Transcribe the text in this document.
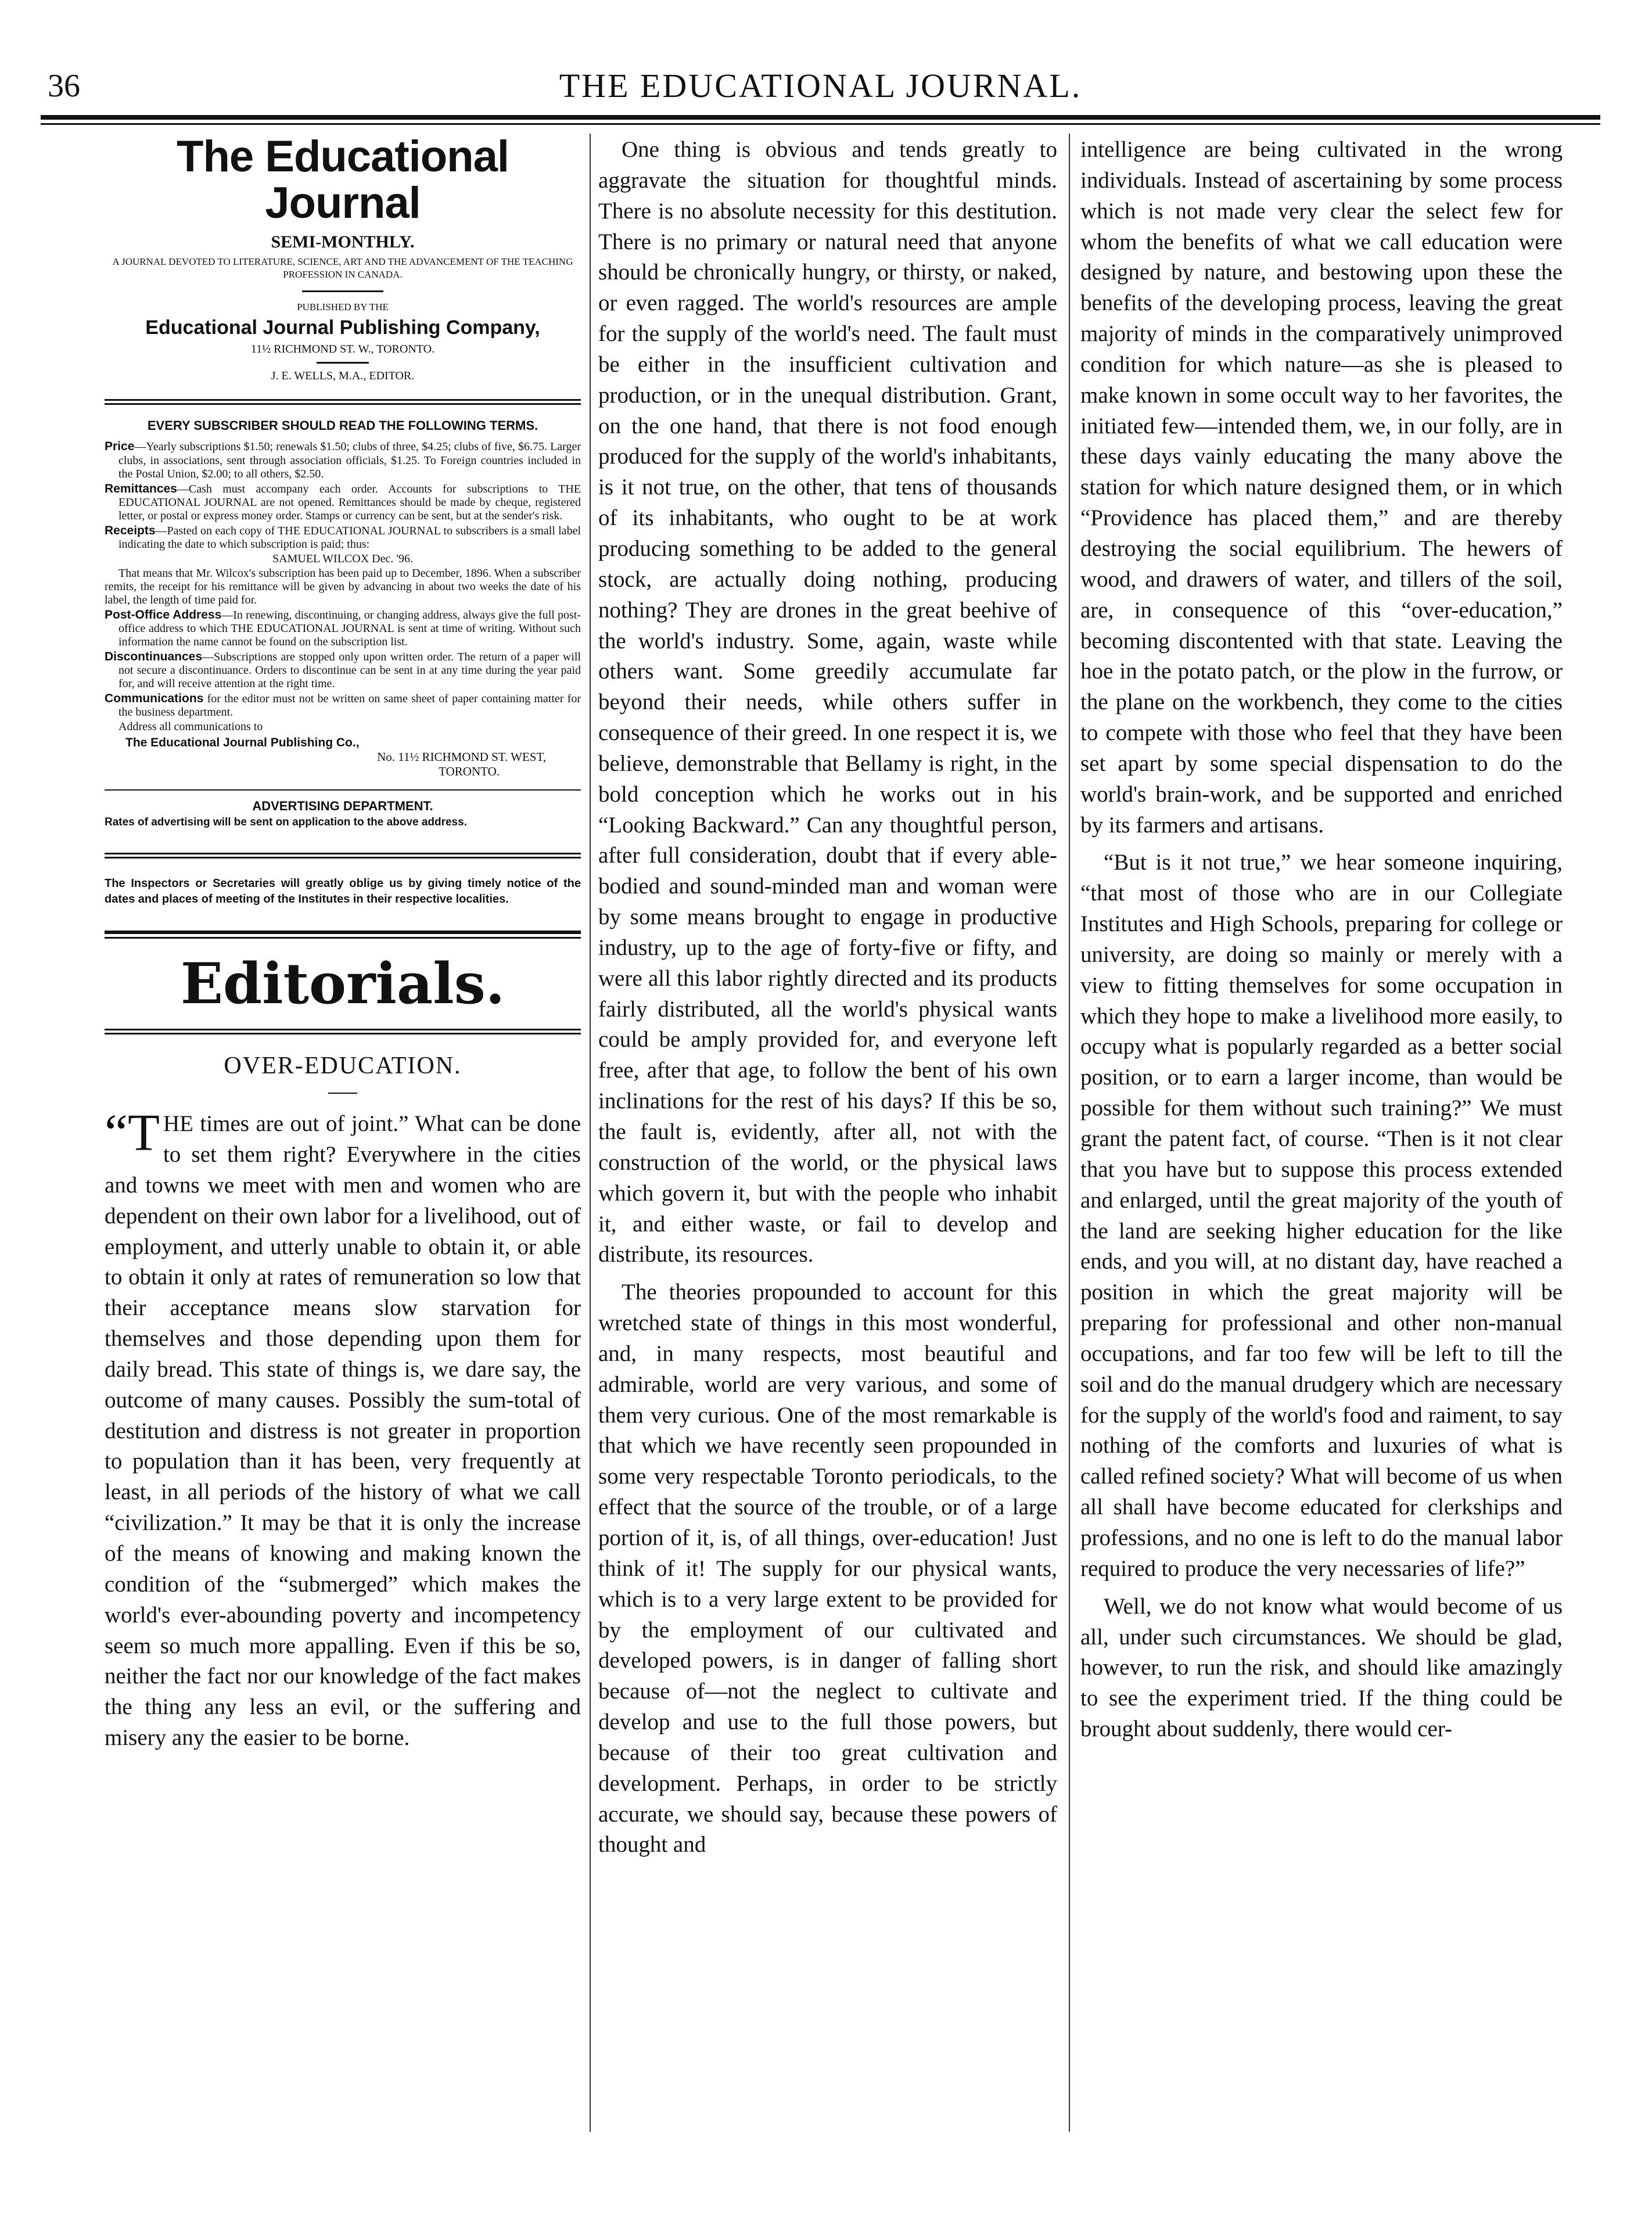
36	THE EDUCATIONAL JOURNAL.
The Educational Journal
SEMI-MONTHLY.
A JOURNAL DEVOTED TO LITERATURE, SCIENCE, ART AND THE ADVANCEMENT OF THE TEACHING PROFESSION IN CANADA.
PUBLISHED BY THE
Educational Journal Publishing Company,
11½ RICHMOND ST. W., TORONTO.
J. E. WELLS, M.A., EDITOR.
EVERY SUBSCRIBER SHOULD READ THE FOLLOWING TERMS.

Price—Yearly subscriptions $1.50; renewals $1.50; clubs of three, $4.25; clubs of five, $6.75. Larger clubs, in associations, sent through association officials, $1.25. To Foreign countries included in the Postal Union, $2.00; to all others, $2.50.

Remittances—Cash must accompany each order. Accounts for subscriptions to THE EDUCATIONAL JOURNAL are not opened. Remittances should be made by cheque, registered letter, or postal or express money order. Stamps or currency can be sent, but at the sender's risk.

Receipts—Pasted on each copy of THE EDUCATIONAL JOURNAL to subscribers is a small label indicating the date to which subscription is paid; thus:

SAMUEL WILCOX Dec. '96.

That means that Mr. Wilcox's subscription has been paid up to December, 1896. When a subscriber remits, the receipt for his remittance will be given by advancing in about two weeks the date of his label, the length of time paid for.

Post-Office Address—In renewing, discontinuing, or changing address, always give the full post-office address to which THE EDUCATIONAL JOURNAL is sent at time of writing. Without such information the name cannot be found on the subscription list.

Discontinuances—Subscriptions are stopped only upon written order. The return of a paper will not secure a discontinuance. Orders to discontinue can be sent in at any time during the year paid for, and will receive attention at the right time.

Communications for the editor must not be written on same sheet of paper containing matter for the business department.

Address all communications to

The Educational Journal Publishing Co.,
No. 11½ RICHMOND ST. WEST,
TORONTO.
ADVERTISING DEPARTMENT.
Rates of advertising will be sent on application to the above address.
The Inspectors or Secretaries will greatly oblige us by giving timely notice of the dates and places of meeting of the Institutes in their respective localities.
Editorials.
OVER-EDUCATION.

“T HE times are out of joint.” What can be done to set them right? Everywhere in the cities and towns we meet with men and women who are dependent on their own labor for a livelihood, out of employment, and utterly unable to obtain it, or able to obtain it only at rates of remuneration so low that their acceptance means slow starvation for themselves and those depending upon them for daily bread. This state of things is, we dare say, the outcome of many causes. Possibly the sum-total of destitution and distress is not greater in proportion to population than it has been, very frequently at least, in all periods of the history of what we call “civilization.” It may be that it is only the increase of the means of knowing and making known the condition of the “submerged” which makes the world's ever-abounding poverty and incompetency seem so much more appalling. Even if this be so, neither the fact nor our knowledge of the fact makes the thing any less an evil, or the suffering and misery any the easier to be borne.

One thing is obvious and tends greatly to aggravate the situation for thoughtful minds. There is no absolute necessity for this destitution. There is no primary or natural need that anyone should be chronically hungry, or thirsty, or naked, or even ragged. The world's resources are ample for the supply of the world's need. The fault must be either in the insufficient cultivation and production, or in the unequal distribution. Grant, on the one hand, that there is not food enough produced for the supply of the world's inhabitants, is it not true, on the other, that tens of thousands of its inhabitants, who ought to be at work producing something to be added to the general stock, are actually doing nothing, producing nothing? They are drones in the great beehive of the world's industry. Some, again, waste while others want. Some greedily accumulate far beyond their needs, while others suffer in consequence of their greed. In one respect it is, we believe, demonstrable that Bellamy is right, in the bold conception which he works out in his “Looking Backward.” Can any thoughtful person, after full consideration, doubt that if every able-bodied and sound-minded man and woman were by some means brought to engage in productive industry, up to the age of forty-five or fifty, and were all this labor rightly directed and its products fairly distributed, all the world's physical wants could be amply provided for, and everyone left free, after that age, to follow the bent of his own inclinations for the rest of his days? If this be so, the fault is, evidently, after all, not with the construction of the world, or the physical laws which govern it, but with the people who inhabit it, and either waste, or fail to develop and distribute, its resources.

The theories propounded to account for this wretched state of things in this most wonderful, and, in many respects, most beautiful and admirable, world are very various, and some of them very curious. One of the most remarkable is that which we have recently seen propounded in some very respectable Toronto periodicals, to the effect that the source of the trouble, or of a large portion of it, is, of all things, over-education! Just think of it! The supply for our physical wants, which is to a very large extent to be provided for by the employment of our cultivated and developed powers, is in danger of falling short because of—not the neglect to cultivate and develop and use to the full those powers, but because of their too great cultivation and development. Perhaps, in order to be strictly accurate, we should say, because these powers of thought and

intelligence are being cultivated in the wrong individuals. Instead of ascertaining by some process which is not made very clear the select few for whom the benefits of what we call education were designed by nature, and bestowing upon these the benefits of the developing process, leaving the great majority of minds in the comparatively unimproved condition for which nature—as she is pleased to make known in some occult way to her favorites, the initiated few—intended them, we, in our folly, are in these days vainly educating the many above the station for which nature designed them, or in which “Providence has placed them,” and are thereby destroying the social equilibrium. The hewers of wood, and drawers of water, and tillers of the soil, are, in consequence of this “over-education,” becoming discontented with that state. Leaving the hoe in the potato patch, or the plow in the furrow, or the plane on the workbench, they come to the cities to compete with those who feel that they have been set apart by some special dispensation to do the world's brain-work, and be supported and enriched by its farmers and artisans.

“But is it not true,” we hear someone inquiring, “that most of those who are in our Collegiate Institutes and High Schools, preparing for college or university, are doing so mainly or merely with a view to fitting themselves for some occupation in which they hope to make a livelihood more easily, to occupy what is popularly regarded as a better social position, or to earn a larger income, than would be possible for them without such training?” We must grant the patent fact, of course. “Then is it not clear that you have but to suppose this process extended and enlarged, until the great majority of the youth of the land are seeking higher education for the like ends, and you will, at no distant day, have reached a position in which the great majority will be preparing for professional and other non-manual occupations, and far too few will be left to till the soil and do the manual drudgery which are necessary for the supply of the world's food and raiment, to say nothing of the comforts and luxuries of what is called refined society? What will become of us when all shall have become educated for clerkships and professions, and no one is left to do the manual labor required to produce the very necessaries of life?”

Well, we do not know what would become of us all, under such circumstances. We should be glad, however, to run the risk, and should like amazingly to see the experiment tried. If the thing could be brought about suddenly, there would cer-
